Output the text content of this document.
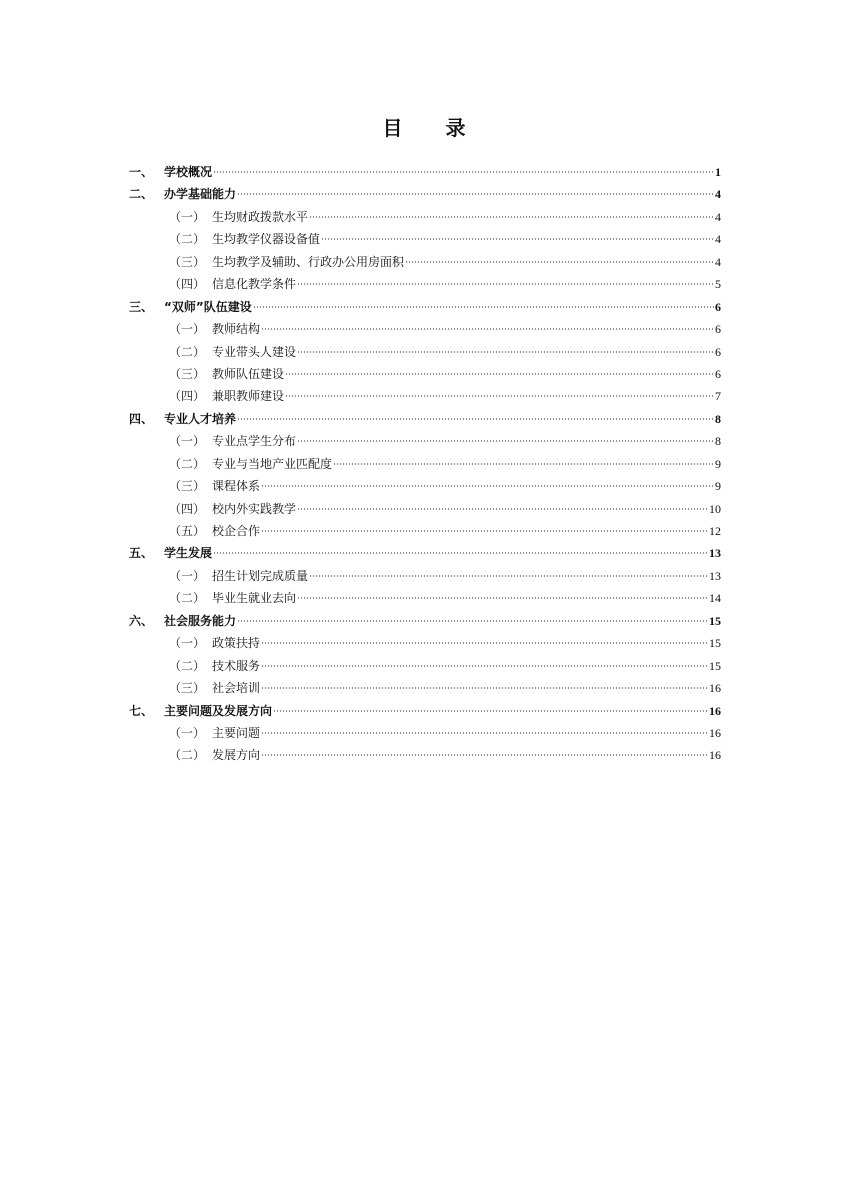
目 录
一、 学校概况	1
二、 办学基础能力	4
（一） 生均财政拨款水平	4
（二） 生均教学仪器设备值	4
（三） 生均教学及辅助、行政办公用房面积	4
（四） 信息化教学条件	5
三、 “双师”队伍建设	6
（一） 教师结构	6
（二） 专业带头人建设	6
（三） 教师队伍建设	6
（四） 兼职教师建设	7
四、 专业人才培养	8
（一） 专业点学生分布	8
（二） 专业与当地产业匹配度	9
（三） 课程体系	9
（四） 校内外实践教学	10
（五） 校企合作	12
五、 学生发展	13
（一） 招生计划完成质量	13
（二） 毕业生就业去向	14
六、 社会服务能力	15
（一） 政策扶持	15
（二） 技术服务	15
（三） 社会培训	16
七、 主要问题及发展方向	16
（一） 主要问题	16
（二） 发展方向	16
